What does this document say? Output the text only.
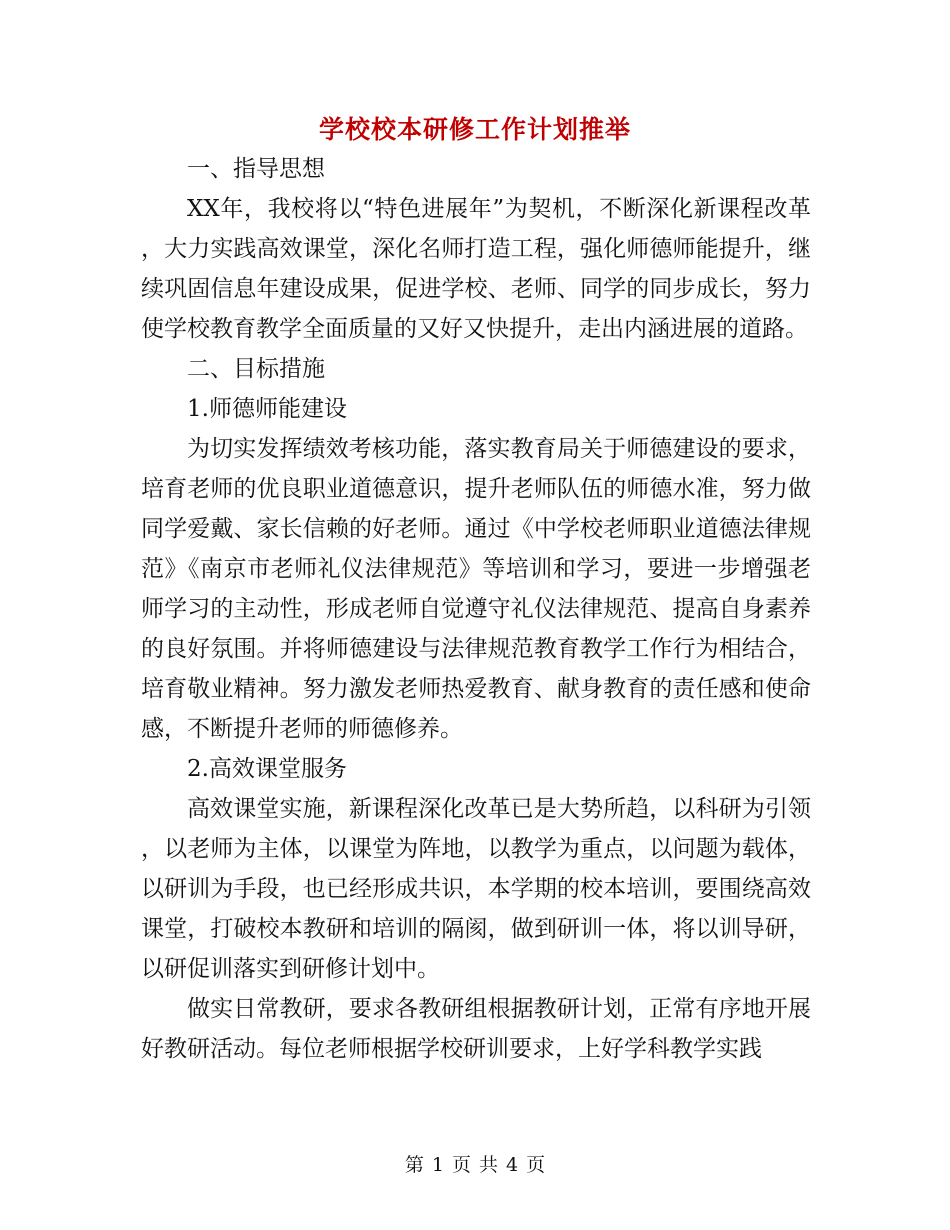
学校校本研修工作计划推举

一、指导思想

XX年，我校将以“特色进展年”为契机，不断深化新课程改革，大力实践高效课堂，深化名师打造工程，强化师德师能提升，继续巩固信息年建设成果，促进学校、老师、同学的同步成长，努力使学校教育教学全面质量的又好又快提升，走出内涵进展的道路。

二、目标措施

1.师德师能建设

为切实发挥绩效考核功能，落实教育局关于师德建设的要求，培育老师的优良职业道德意识，提升老师队伍的师德水准，努力做同学爱戴、家长信赖的好老师。通过《中学校老师职业道德法律规范》《南京市老师礼仪法律规范》等培训和学习，要进一步增强老师学习的主动性，形成老师自觉遵守礼仪法律规范、提高自身素养的良好氛围。并将师德建设与法律规范教育教学工作行为相结合，培育敬业精神。努力激发老师热爱教育、献身教育的责任感和使命感，不断提升老师的师德修养。

2.高效课堂服务

高效课堂实施，新课程深化改革已是大势所趋，以科研为引领，以老师为主体，以课堂为阵地，以教学为重点，以问题为载体，以研训为手段，也已经形成共识，本学期的校本培训，要围绕高效课堂，打破校本教研和培训的隔阂，做到研训一体，将以训导研，以研促训落实到研修计划中。

做实日常教研，要求各教研组根据教研计划，正常有序地开展好教研活动。每位老师根据学校研训要求，上好学科教学实践

第 1 页 共 4 页
